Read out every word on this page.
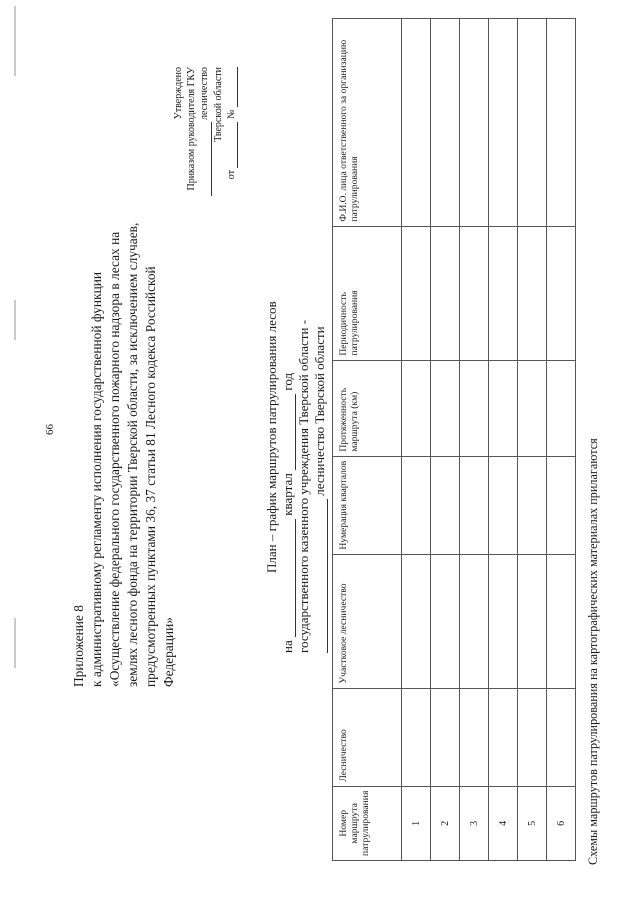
66
Приложение 8 к административному регламенту исполнения государственной функции «Осуществление федерального государственного пожарного надзора в лесах на землях лесного фонда на территории Тверской области, за исключением случаев, предусмотренных пунктами 36, 37 статьи 81 Лесного кодекса Российской Федерации»
Утверждено Приказом руководителя ГКУ лесничество Тверской области
от  №
План – график маршрутов патрулирования лесов
на  квартал  год государственного казенного учреждения Тверской области - лесничество Тверской области
Номер маршрута патрулирования	Лесничество	Участковое лесничество	Нумерация кварталов	Протяженность маршрута (км)	Периодичность патрулирования	Ф.И.О. лица ответственного за организацию патрулирования
1						
2						
3						
4						
5						
6						Схемы маршрутов патрулирования на картографических материалах прилагаются
